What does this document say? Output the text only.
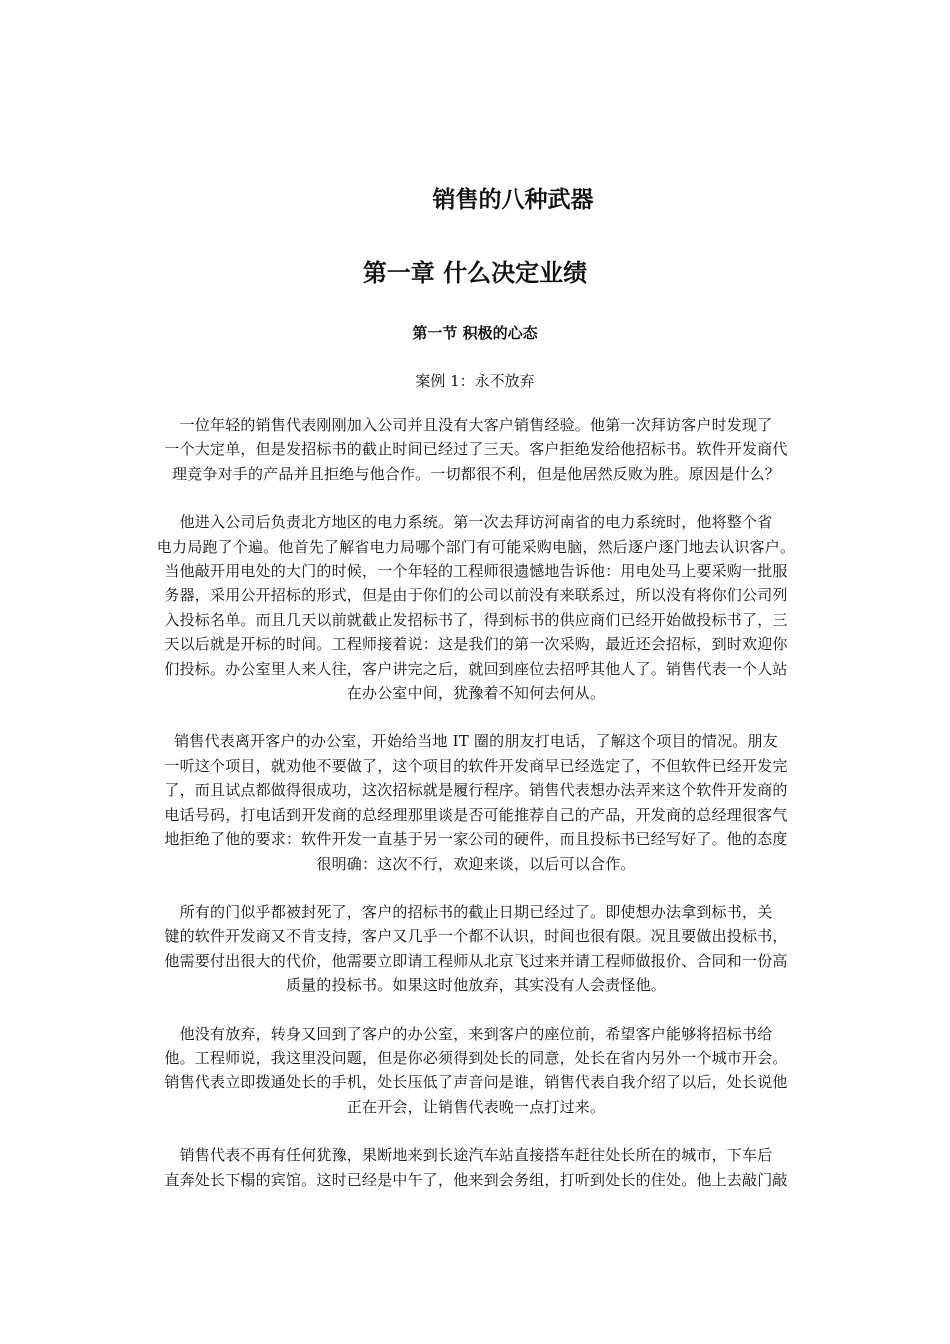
销售的八种武器
第一章 什么决定业绩
第一节 积极的心态
案例 1：永不放弃

一位年轻的销售代表刚刚加入公司并且没有大客户销售经验。他第一次拜访客户时发现了
一个大定单，但是发招标书的截止时间已经过了三天。客户拒绝发给他招标书。软件开发商代
理竞争对手的产品并且拒绝与他合作。一切都很不利，但是他居然反败为胜。原因是什么？

他进入公司后负责北方地区的电力系统。第一次去拜访河南省的电力系统时，他将整个省
电力局跑了个遍。他首先了解省电力局哪个部门有可能采购电脑，然后逐户逐门地去认识客户。
当他敲开用电处的大门的时候，一个年轻的工程师很遗憾地告诉他：用电处马上要采购一批服
务器，采用公开招标的形式，但是由于你们的公司以前没有来联系过，所以没有将你们公司列
入投标名单。而且几天以前就截止发招标书了，得到标书的供应商们已经开始做投标书了，三
天以后就是开标的时间。工程师接着说：这是我们的第一次采购，最近还会招标，到时欢迎你
们投标。办公室里人来人往，客户讲完之后，就回到座位去招呼其他人了。销售代表一个人站
在办公室中间，犹豫着不知何去何从。

销售代表离开客户的办公室，开始给当地 IT 圈的朋友打电话，了解这个项目的情况。朋友
一听这个项目，就劝他不要做了，这个项目的软件开发商早已经选定了，不但软件已经开发完
了，而且试点都做得很成功，这次招标就是履行程序。销售代表想办法弄来这个软件开发商的
电话号码，打电话到开发商的总经理那里谈是否可能推荐自己的产品，开发商的总经理很客气
地拒绝了他的要求：软件开发一直基于另一家公司的硬件，而且投标书已经写好了。他的态度
很明确：这次不行，欢迎来谈，以后可以合作。

所有的门似乎都被封死了，客户的招标书的截止日期已经过了。即使想办法拿到标书，关
键的软件开发商又不肯支持，客户又几乎一个都不认识，时间也很有限。况且要做出投标书，
他需要付出很大的代价，他需要立即请工程师从北京飞过来并请工程师做报价、合同和一份高
质量的投标书。如果这时他放弃，其实没有人会责怪他。

他没有放弃，转身又回到了客户的办公室，来到客户的座位前，希望客户能够将招标书给
他。工程师说，我这里没问题，但是你必须得到处长的同意，处长在省内另外一个城市开会。
销售代表立即拨通处长的手机，处长压低了声音问是谁，销售代表自我介绍了以后，处长说他
正在开会，让销售代表晚一点打过来。

销售代表不再有任何犹豫，果断地来到长途汽车站直接搭车赶往处长所在的城市，下车后
直奔处长下榻的宾馆。这时已经是中午了，他来到会务组，打听到处长的住处。他上去敲门敲
